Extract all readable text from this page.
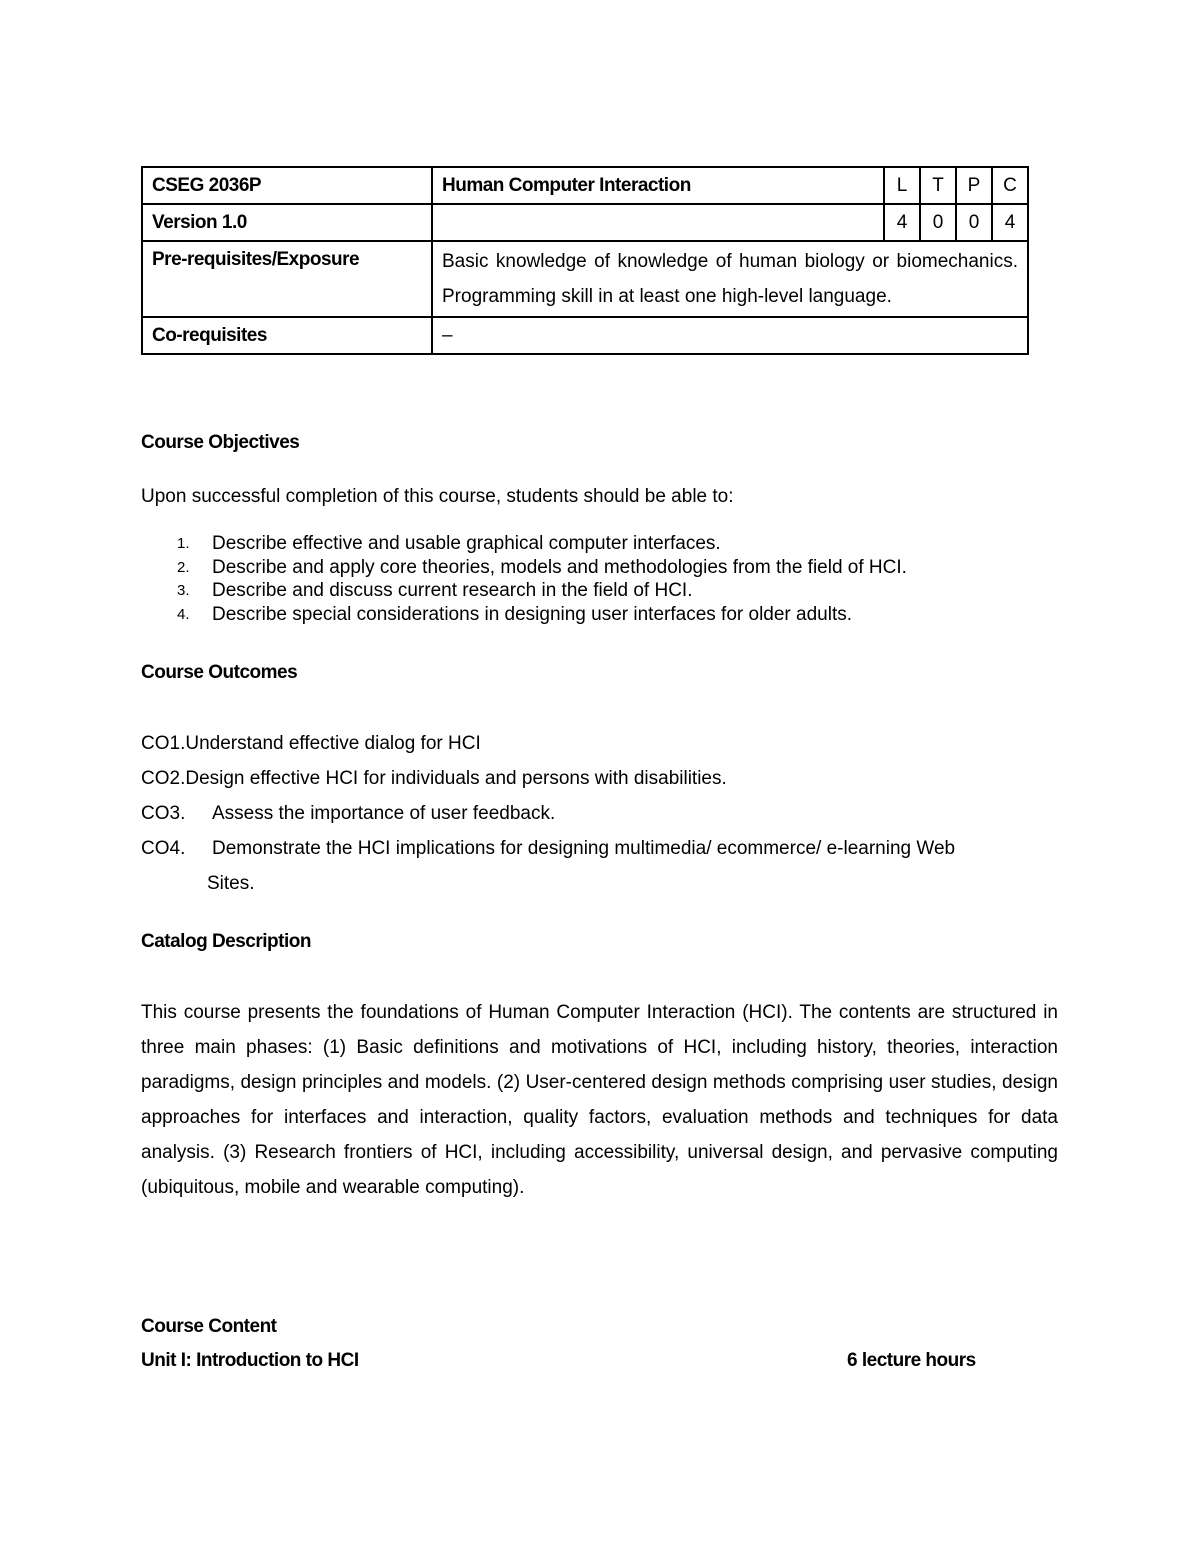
CSEG 2036P	Human Computer Interaction	L	T	P	C
Version 1.0		4	0	0	4
Pre-requisites/Exposure	Basic knowledge of knowledge of human biology or biomechanics. Programming skill in at least one high-level language.				
Co-requisites	–				
Course Objectives
Upon successful completion of this course, students should be able to:
1. Describe effective and usable graphical computer interfaces.
2. Describe and apply core theories, models and methodologies from the field of HCI.
3. Describe and discuss current research in the field of HCI.
4. Describe special considerations in designing user interfaces for older adults.
Course Outcomes
CO1.Understand effective dialog for HCI
CO2.Design effective HCI for individuals and persons with disabilities.
CO3. Assess the importance of user feedback.
CO4. Demonstrate the HCI implications for designing multimedia/ ecommerce/ e-learning Web
Sites.
Catalog Description

This course presents the foundations of Human Computer Interaction (HCI). The contents are structured in three main phases: (1) Basic definitions and motivations of HCI, including history, theories, interaction paradigms, design principles and models. (2) User-centered design methods comprising user studies, design approaches for interfaces and interaction, quality factors, evaluation methods and techniques for data analysis. (3) Research frontiers of HCI, including accessibility, universal design, and pervasive computing (ubiquitous, mobile and wearable computing).

Course Content
Unit I: Introduction to HCI	6 lecture hours
